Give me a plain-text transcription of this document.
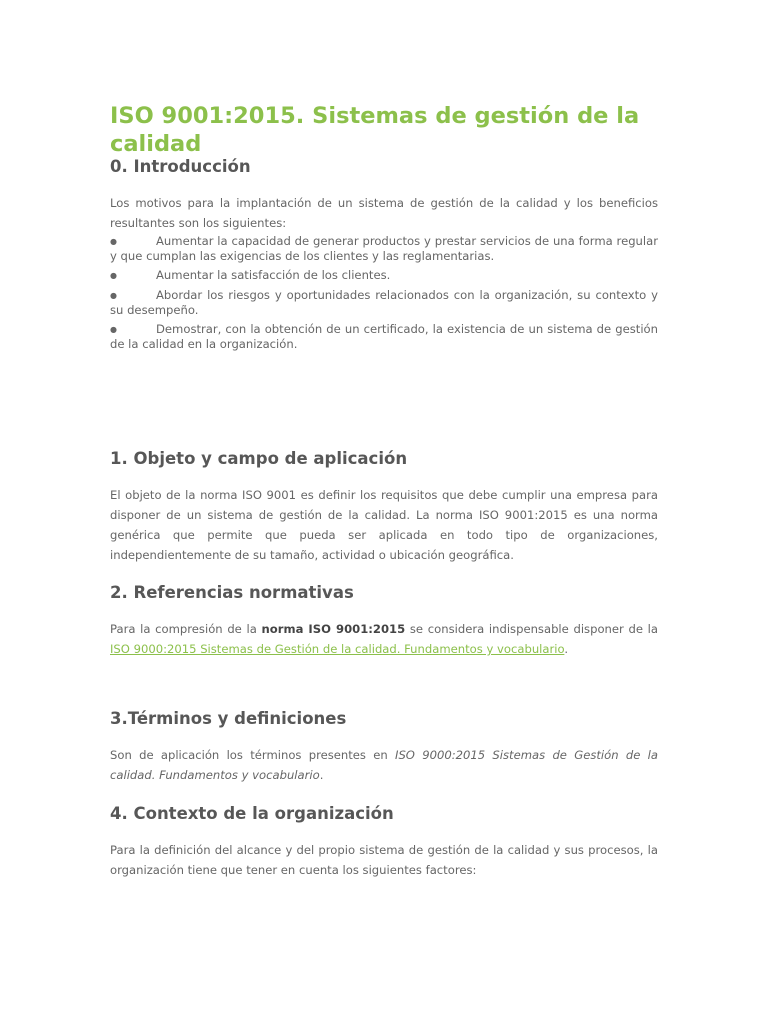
ISO 9001:2015. Sistemas de gestión de la calidad
0. Introducción

Los motivos para la implantación de un sistema de gestión de la calidad y los beneficios resultantes son los siguientes:

●	Aumentar la capacidad de generar productos y prestar servicios de una forma regular y que cumplan las exigencias de los clientes y las reglamentarias.
●	Aumentar la satisfacción de los clientes.
●	Abordar los riesgos y oportunidades relacionados con la organización, su contexto y su desempeño.
●	Demostrar, con la obtención de un certificado, la existencia de un sistema de gestión de la calidad en la organización.
1. Objeto y campo de aplicación

El objeto de la norma ISO 9001 es definir los requisitos que debe cumplir una empresa para disponer de un sistema de gestión de la calidad. La norma ISO 9001:2015 es una norma genérica que permite que pueda ser aplicada en todo tipo de organizaciones, independientemente de su tamaño, actividad o ubicación geográfica.

2. Referencias normativas

Para la compresión de la norma ISO 9001:2015 se considera indispensable disponer de la ISO 9000:2015 Sistemas de Gestión de la calidad. Fundamentos y vocabulario.

3.Términos y definiciones

Son de aplicación los términos presentes en ISO 9000:2015 Sistemas de Gestión de la calidad. Fundamentos y vocabulario.

4. Contexto de la organización

Para la definición del alcance y del propio sistema de gestión de la calidad y sus procesos, la organización tiene que tener en cuenta los siguientes factores:
